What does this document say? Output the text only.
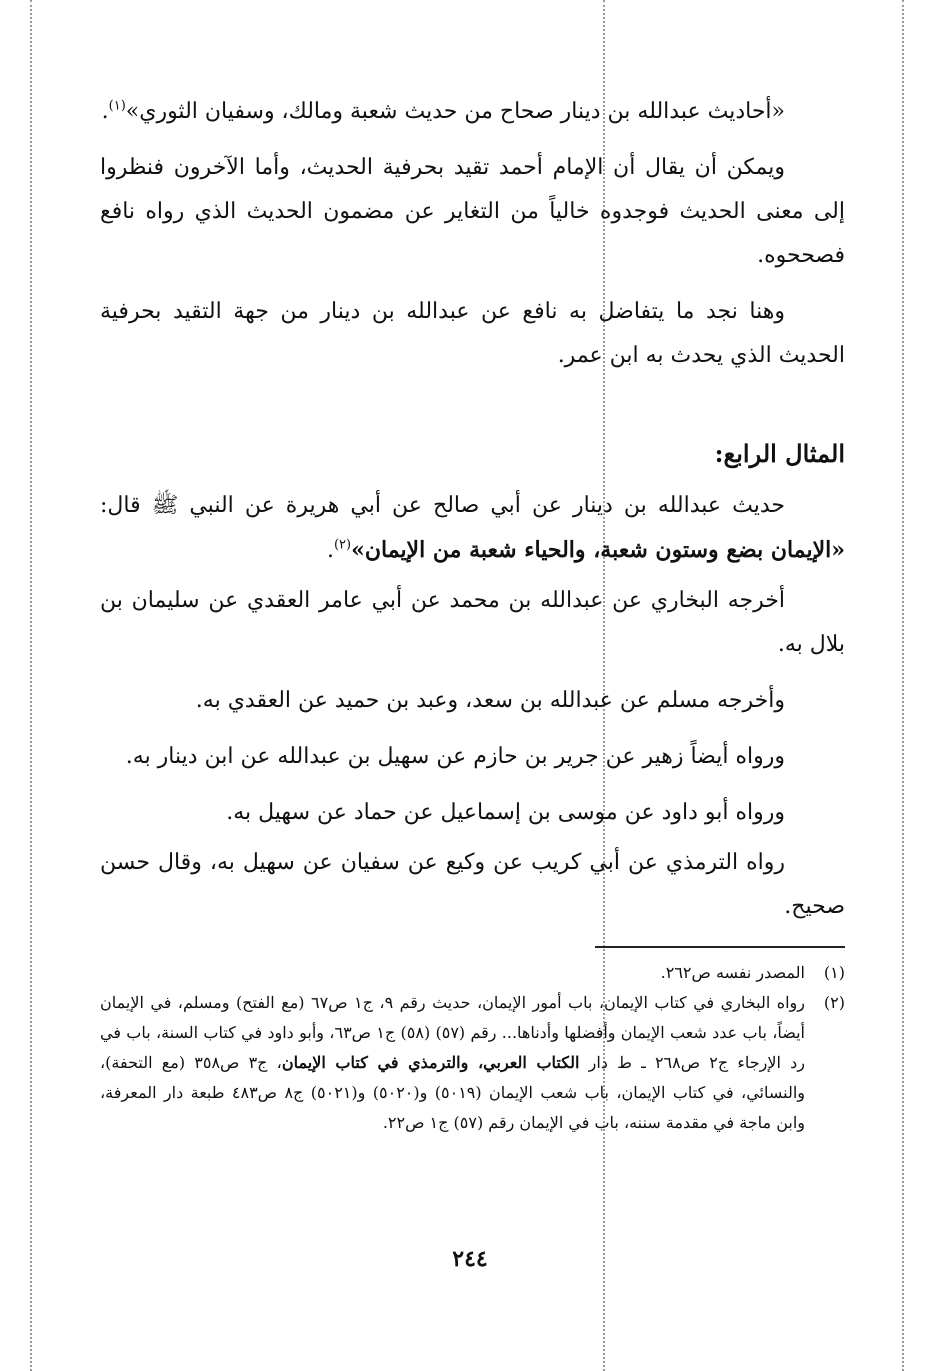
«أحاديث عبدالله بن دينار صحاح من حديث شعبة ومالك، وسفيان الثوري»$^{(١)}$.

ويمكن أن يقال أن الإمام أحمد تقيد بحرفية الحديث، وأما الآخرون فنظروا إلى معنى الحديث فوجدوه خالياً من التغاير عن مضمون الحديث الذي رواه نافع فصححوه.

وهنا نجد ما يتفاضل به نافع عن عبدالله بن دينار من جهة التقيد بحرفية الحديث الذي يحدث به ابن عمر.

المثال الرابع:

حديث عبدالله بن دينار عن أبي صالح عن أبي هريرة عن النبي ﷺ قال: «الإيمان بضع وستون شعبة، والحياء شعبة من الإيمان»$^{(٢)}$.

أخرجه البخاري عن عبدالله بن محمد عن أبي عامر العقدي عن سليمان بن بلال به.

وأخرجه مسلم عن عبدالله بن سعد، وعبد بن حميد عن العقدي به.

ورواه أيضاً زهير عن جرير بن حازم عن سهيل بن عبدالله عن ابن دينار به.

ورواه أبو داود عن موسى بن إسماعيل عن حماد عن سهيل به.

رواه الترمذي عن أبي كريب عن وكيع عن سفيان عن سهيل به، وقال حسن صحيح.

(١)
المصدر نفسه ص٢٦٢.
(٢)
رواه البخاري في كتاب الإيمان، باب أمور الإيمان، حديث رقم ٩، ج١ ص٦٧ (مع الفتح) ومسلم، في الإيمان أيضاً، باب عدد شعب الإيمان وأفضلها وأدناها... رقم (٥٧) (٥٨) ج١ ص٦٣، وأبو داود في كتاب السنة، باب في رد الإرجاء ج٢ ص٢٦٨ ـ ط دار الكتاب العربي، والترمذي في كتاب الإيمان، ج٣ ص٣٥٨ (مع التحفة)، والنسائي، في كتاب الإيمان، باب شعب الإيمان (٥٠١٩) و(٥٠٢٠) و(٥٠٢١) ج٨ ص٤٨٣ طبعة دار المعرفة، وابن ماجة في مقدمة سننه، باب في الإيمان رقم (٥٧) ج١ ص٢٢.
٢٤٤
